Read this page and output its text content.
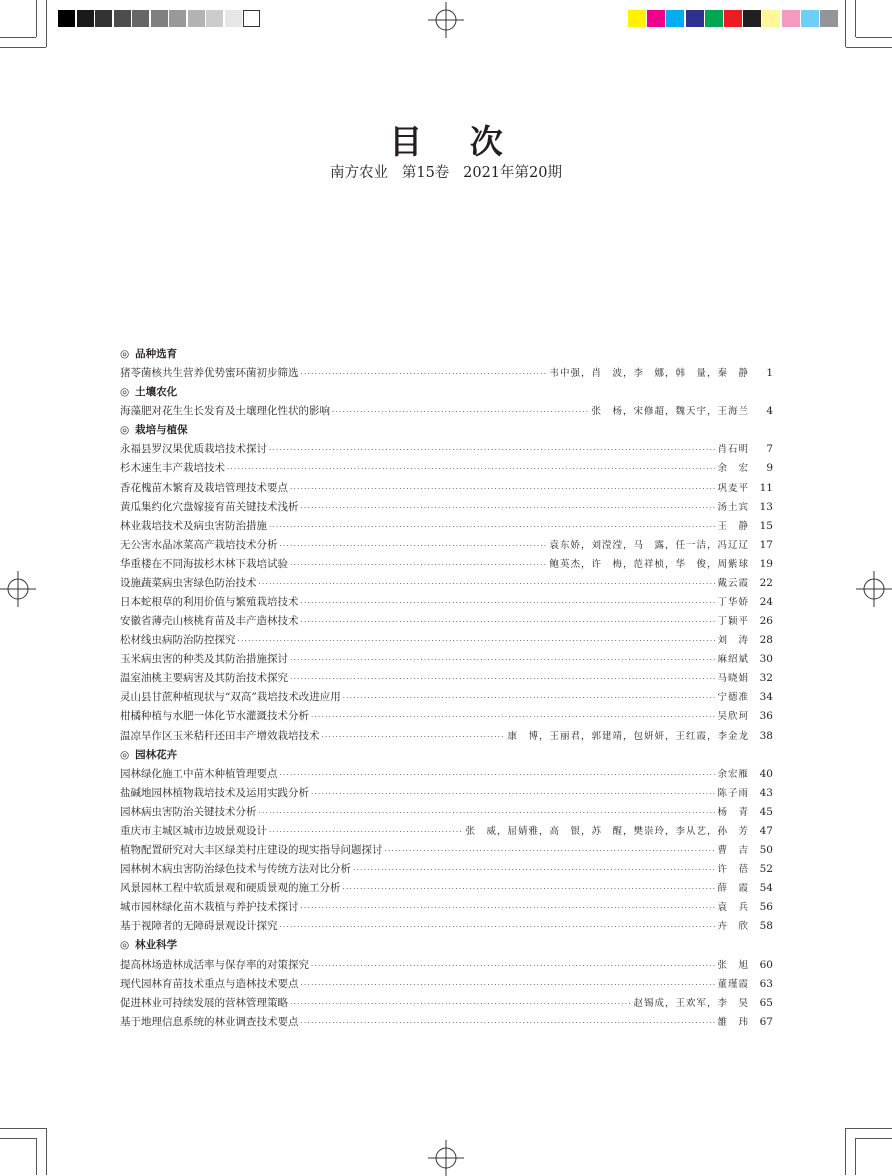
目 次
南方农业   第15卷   2021年第20期
◎ 品种选育
猪苓菌核共生营养优势蜜环菌初步筛选 ·····	韦中强，肖　波，李　娜，韩　量，秦　静	1
◎ 土壤农化
海藻肥对花生生长发育及土壤理化性状的影响 ·····	张　杨，宋修超，魏天宇，王海兰	4
◎ 栽培与植保
永福县罗汉果优质栽培技术探讨 ·····	肖石明	7
杉木速生丰产栽培技术 ·····	余　宏	9
香花槐苗木繁育及栽培管理技术要点 ·····	巩麦平	11
黄瓜集约化穴盘嫁接育苗关键技术浅析 ·····	汤土宾	13
林业栽培技术及病虫害防治措施 ·····	王　静	15
无公害水晶冰菜高产栽培技术分析 ·····	袁东娇，刘滢滢，马　露，任一洁，冯辽辽	17
华重楼在不同海拔杉木林下栽培试验 ·····	鲍英杰，许　梅，范祥桢，华　俊，周紫球	19
设施蔬菜病虫害绿色防治技术 ·····	戴云霞	22
日本蛇根草的利用价值与繁殖栽培技术 ·····	丁华娇	24
安徽省薄壳山核桃育苗及丰产造林技术 ·····	丁颖平	26
松材线虫病防治防控探究 ·····	刘　涛	28
玉米病虫害的种类及其防治措施探讨 ·····	麻绍斌	30
温室油桃主要病害及其防治技术探究 ·····	马晓娟	32
灵山县甘蔗种植现状与“双高”栽培技术改进应用 ·····	宁德准	34
柑橘种植与水肥一体化节水灌溉技术分析 ·····	吴欣珂	36
温凉旱作区玉米秸秆还田丰产增效栽培技术 ·····	康　博，王丽君，郭建靖，包妍妍，王红霞，李金龙	38
◎ 园林花卉
园林绿化施工中苗木种植管理要点 ·····	余宏雁	40
盐碱地园林植物栽培技术及运用实践分析 ·····	陈子雨	43
园林病虫害防治关键技术分析 ·····	杨　青	45
重庆市主城区城市边坡景观设计 ·····	张　威，屈婧雅，高　银，苏　醒，樊崇玲，李从艺，孙　芳	47
植物配置研究对大丰区绿美村庄建设的现实指导问题探讨 ·····	曹　吉	50
园林树木病虫害防治绿色技术与传统方法对比分析 ·····	许　蓓	52
风景园林工程中软质景观和硬质景观的施工分析 ·····	薛　霞	54
城市园林绿化苗木栽植与养护技术探讨 ·····	袁　兵	56
基于视障者的无障碍景观设计探究 ·····	卉　欣	58
◎ 林业科学
提高林场造林成活率与保存率的对策探究 ·····	张　旭	60
现代园林育苗技术重点与造林技术要点 ·····	董瑾霞	63
促进林业可持续发展的营林管理策略 ·····	赵锡成，王欢军，李　昊	65
基于地理信息系统的林业调查技术要点 ·····	雒　玮	67
